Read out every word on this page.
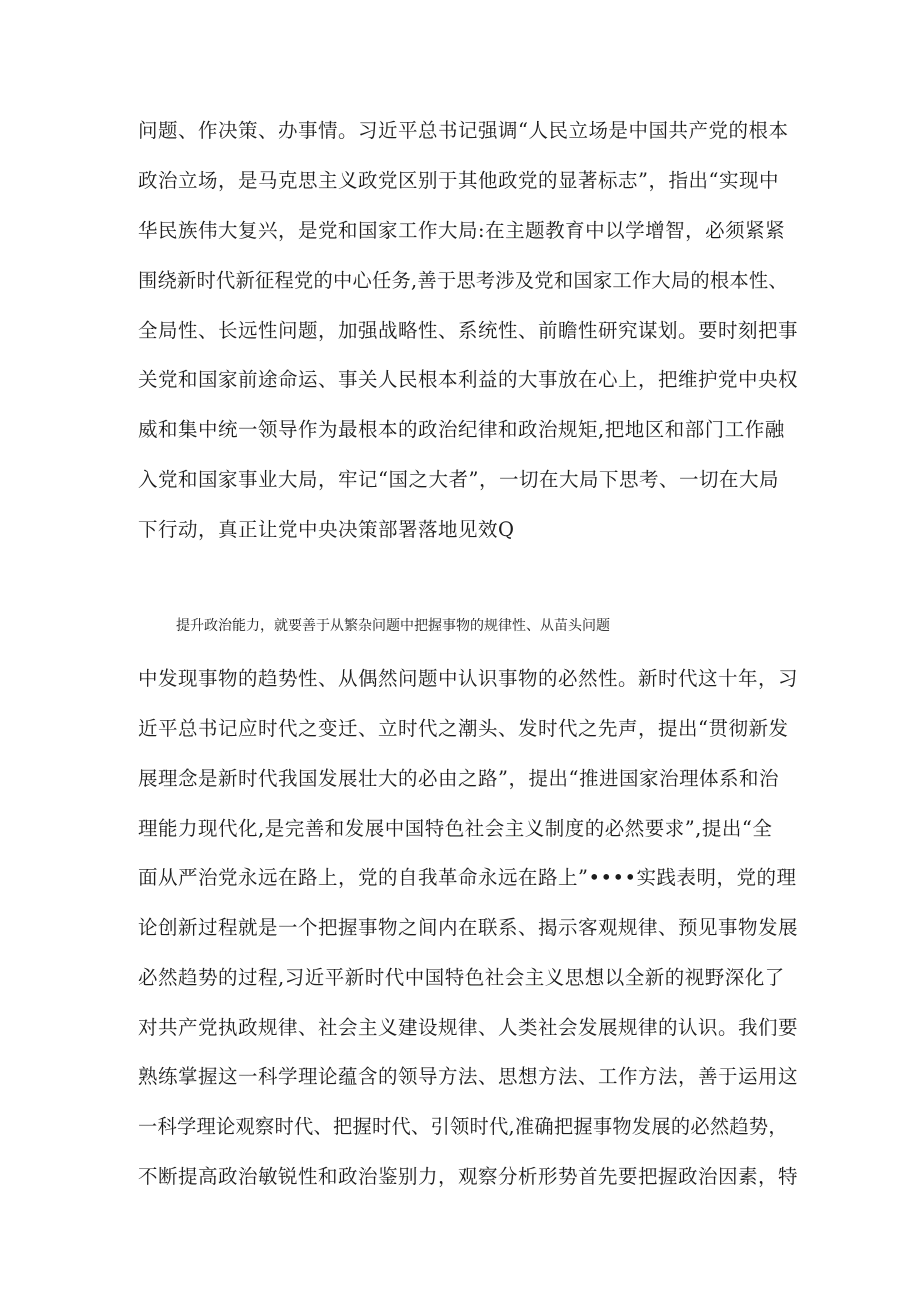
问题、作决策、办事情。习近平总书记强调“人民立场是中国共产党的根本
政治立场，是马克思主义政党区别于其他政党的显著标志”，指出“实现中
华民族伟大复兴，是党和国家工作大局:在主题教育中以学增智，必须紧紧
围绕新时代新征程党的中心任务,善于思考涉及党和国家工作大局的根本性、
全局性、长远性问题，加强战略性、系统性、前瞻性研究谋划。要时刻把事
关党和国家前途命运、事关人民根本利益的大事放在心上，把维护党中央权
威和集中统一领导作为最根本的政治纪律和政治规矩,把地区和部门工作融
入党和国家事业大局，牢记“国之大者”，一切在大局下思考、一切在大局
下行动，真正让党中央决策部署落地见效Q
提升政治能力，就要善于从繁杂问题中把握事物的规律性、从苗头问题
中发现事物的趋势性、从偶然问题中认识事物的必然性。新时代这十年，习
近平总书记应时代之变迁、立时代之潮头、发时代之先声，提出“贯彻新发
展理念是新时代我国发展壮大的必由之路”，提出“推进国家治理体系和治
理能力现代化,是完善和发展中国特色社会主义制度的必然要求”,提出“全
面从严治党永远在路上，党的自我革命永远在路上”••••实践表明，党的理
论创新过程就是一个把握事物之间内在联系、揭示客观规律、预见事物发展
必然趋势的过程,习近平新时代中国特色社会主义思想以全新的视野深化了
对共产党执政规律、社会主义建设规律、人类社会发展规律的认识。我们要
熟练掌握这一科学理论蕴含的领导方法、思想方法、工作方法，善于运用这
一科学理论观察时代、把握时代、引领时代,准确把握事物发展的必然趋势，
不断提高政治敏锐性和政治鉴别力，观察分析形势首先要把握政治因素，特
